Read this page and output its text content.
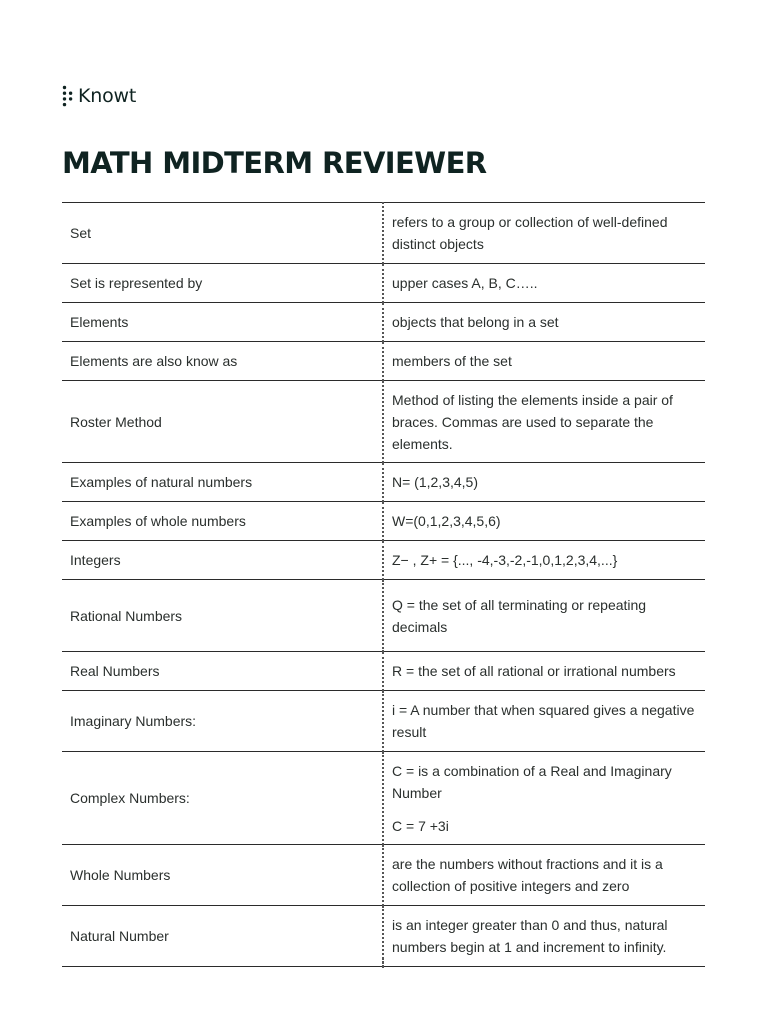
Knowt
MATH MIDTERM REVIEWER
Set	refers to a group or collection of well-defined distinct objects

Set is represented by	upper cases A, B, C…..

Elements	objects that belong in a set

Elements are also know as	members of the set

Roster Method	Method of listing the elements inside a pair of braces. Commas are used to separate the elements.

Examples of natural numbers	N= (1,2,3,4,5)

Examples of whole numbers	W=(0,1,2,3,4,5,6)

Integers	Z− , Z+ = {..., -4,-3,-2,-1,0,1,2,3,4,...}

Rational Numbers	Q = the set of all terminating or repeating decimals

Real Numbers	R = the set of all rational or irrational numbers

Imaginary Numbers:	i = A number that when squared gives a negative result

Complex Numbers:	C = is a combination of a Real and Imaginary Number
C = 7 +3i

Whole Numbers	are the numbers without fractions and it is a collection of positive integers and zero

Natural Number	is an integer greater than 0 and thus, natural numbers begin at 1 and increment to infinity.
